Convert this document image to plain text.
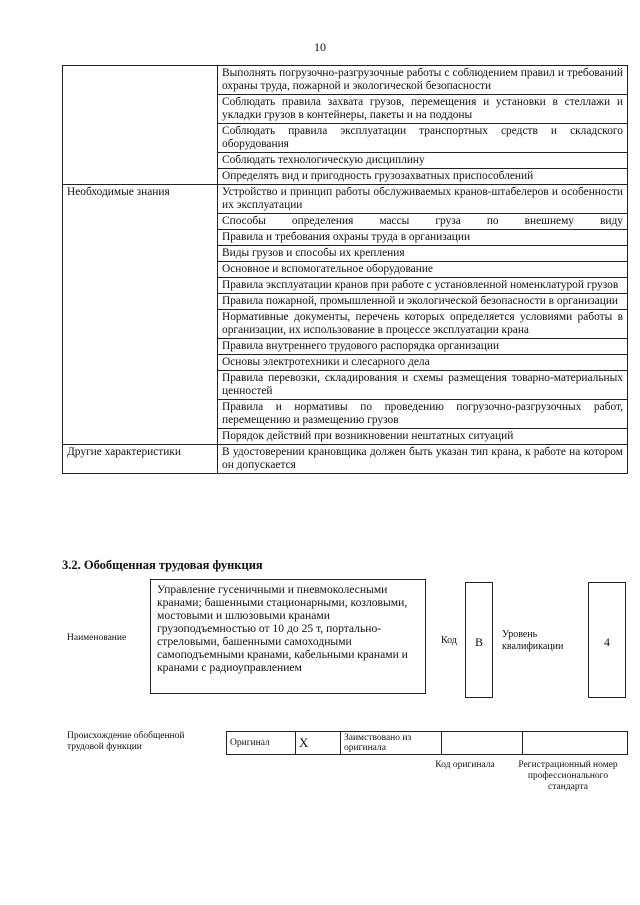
10
	Выполнять погрузочно-разгрузочные работы с соблюдением правил и требований охраны труда, пожарной и экологической безопасности
	Соблюдать правила захвата грузов, перемещения и установки в стеллажи и укладки грузов в контейнеры, пакеты и на поддоны
	Соблюдать правила эксплуатации транспортных средств и складского оборудования
	Соблюдать технологическую дисциплину
	Определять вид и пригодность грузозахватных приспособлений
Необходимые знания	Устройство и принцип работы обслуживаемых кранов-штабелеров и особенности их эксплуатации
	Способы определения массы груза по внешнему виду
	Правила и требования охраны труда в организации
	Виды грузов и способы их крепления
	Основное и вспомогательное оборудование
	Правила эксплуатации кранов при работе с установленной номенклатурой грузов
	Правила пожарной, промышленной и экологической безопасности в организации
	Нормативные документы, перечень которых определяется условиями работы в организации, их использование в процессе эксплуатации крана
	Правила внутреннего трудового распорядка организации
	Основы электротехники и слесарного дела
	Правила перевозки, складирования и схемы размещения товарно-материальных ценностей
	Правила и нормативы по проведению погрузочно-разгрузочных работ, перемещению и размещению грузов
	Порядок действий при возникновении нештатных ситуаций
Другие характеристики	В удостоверении крановщика должен быть указан тип крана, к работе на котором он допускается
3.2. Обобщенная трудовая функция
Наименование
Управление гусеничными и пневмоколесными кранами; башенными стационарными, козловыми, мостовыми и шлюзовыми кранами грузоподъемностью от 10 до 25 т, портально-стреловыми, башенными самоходными самоподъемными кранами, кабельными кранами и кранами с радиоуправлением
Код	B
Уровень квалификации	4
Происхождение обобщенной трудовой функции	Оригинал	X	Заимствовано из оригинала		
Код оригинала	Регистрационный номер профессионального стандарта
